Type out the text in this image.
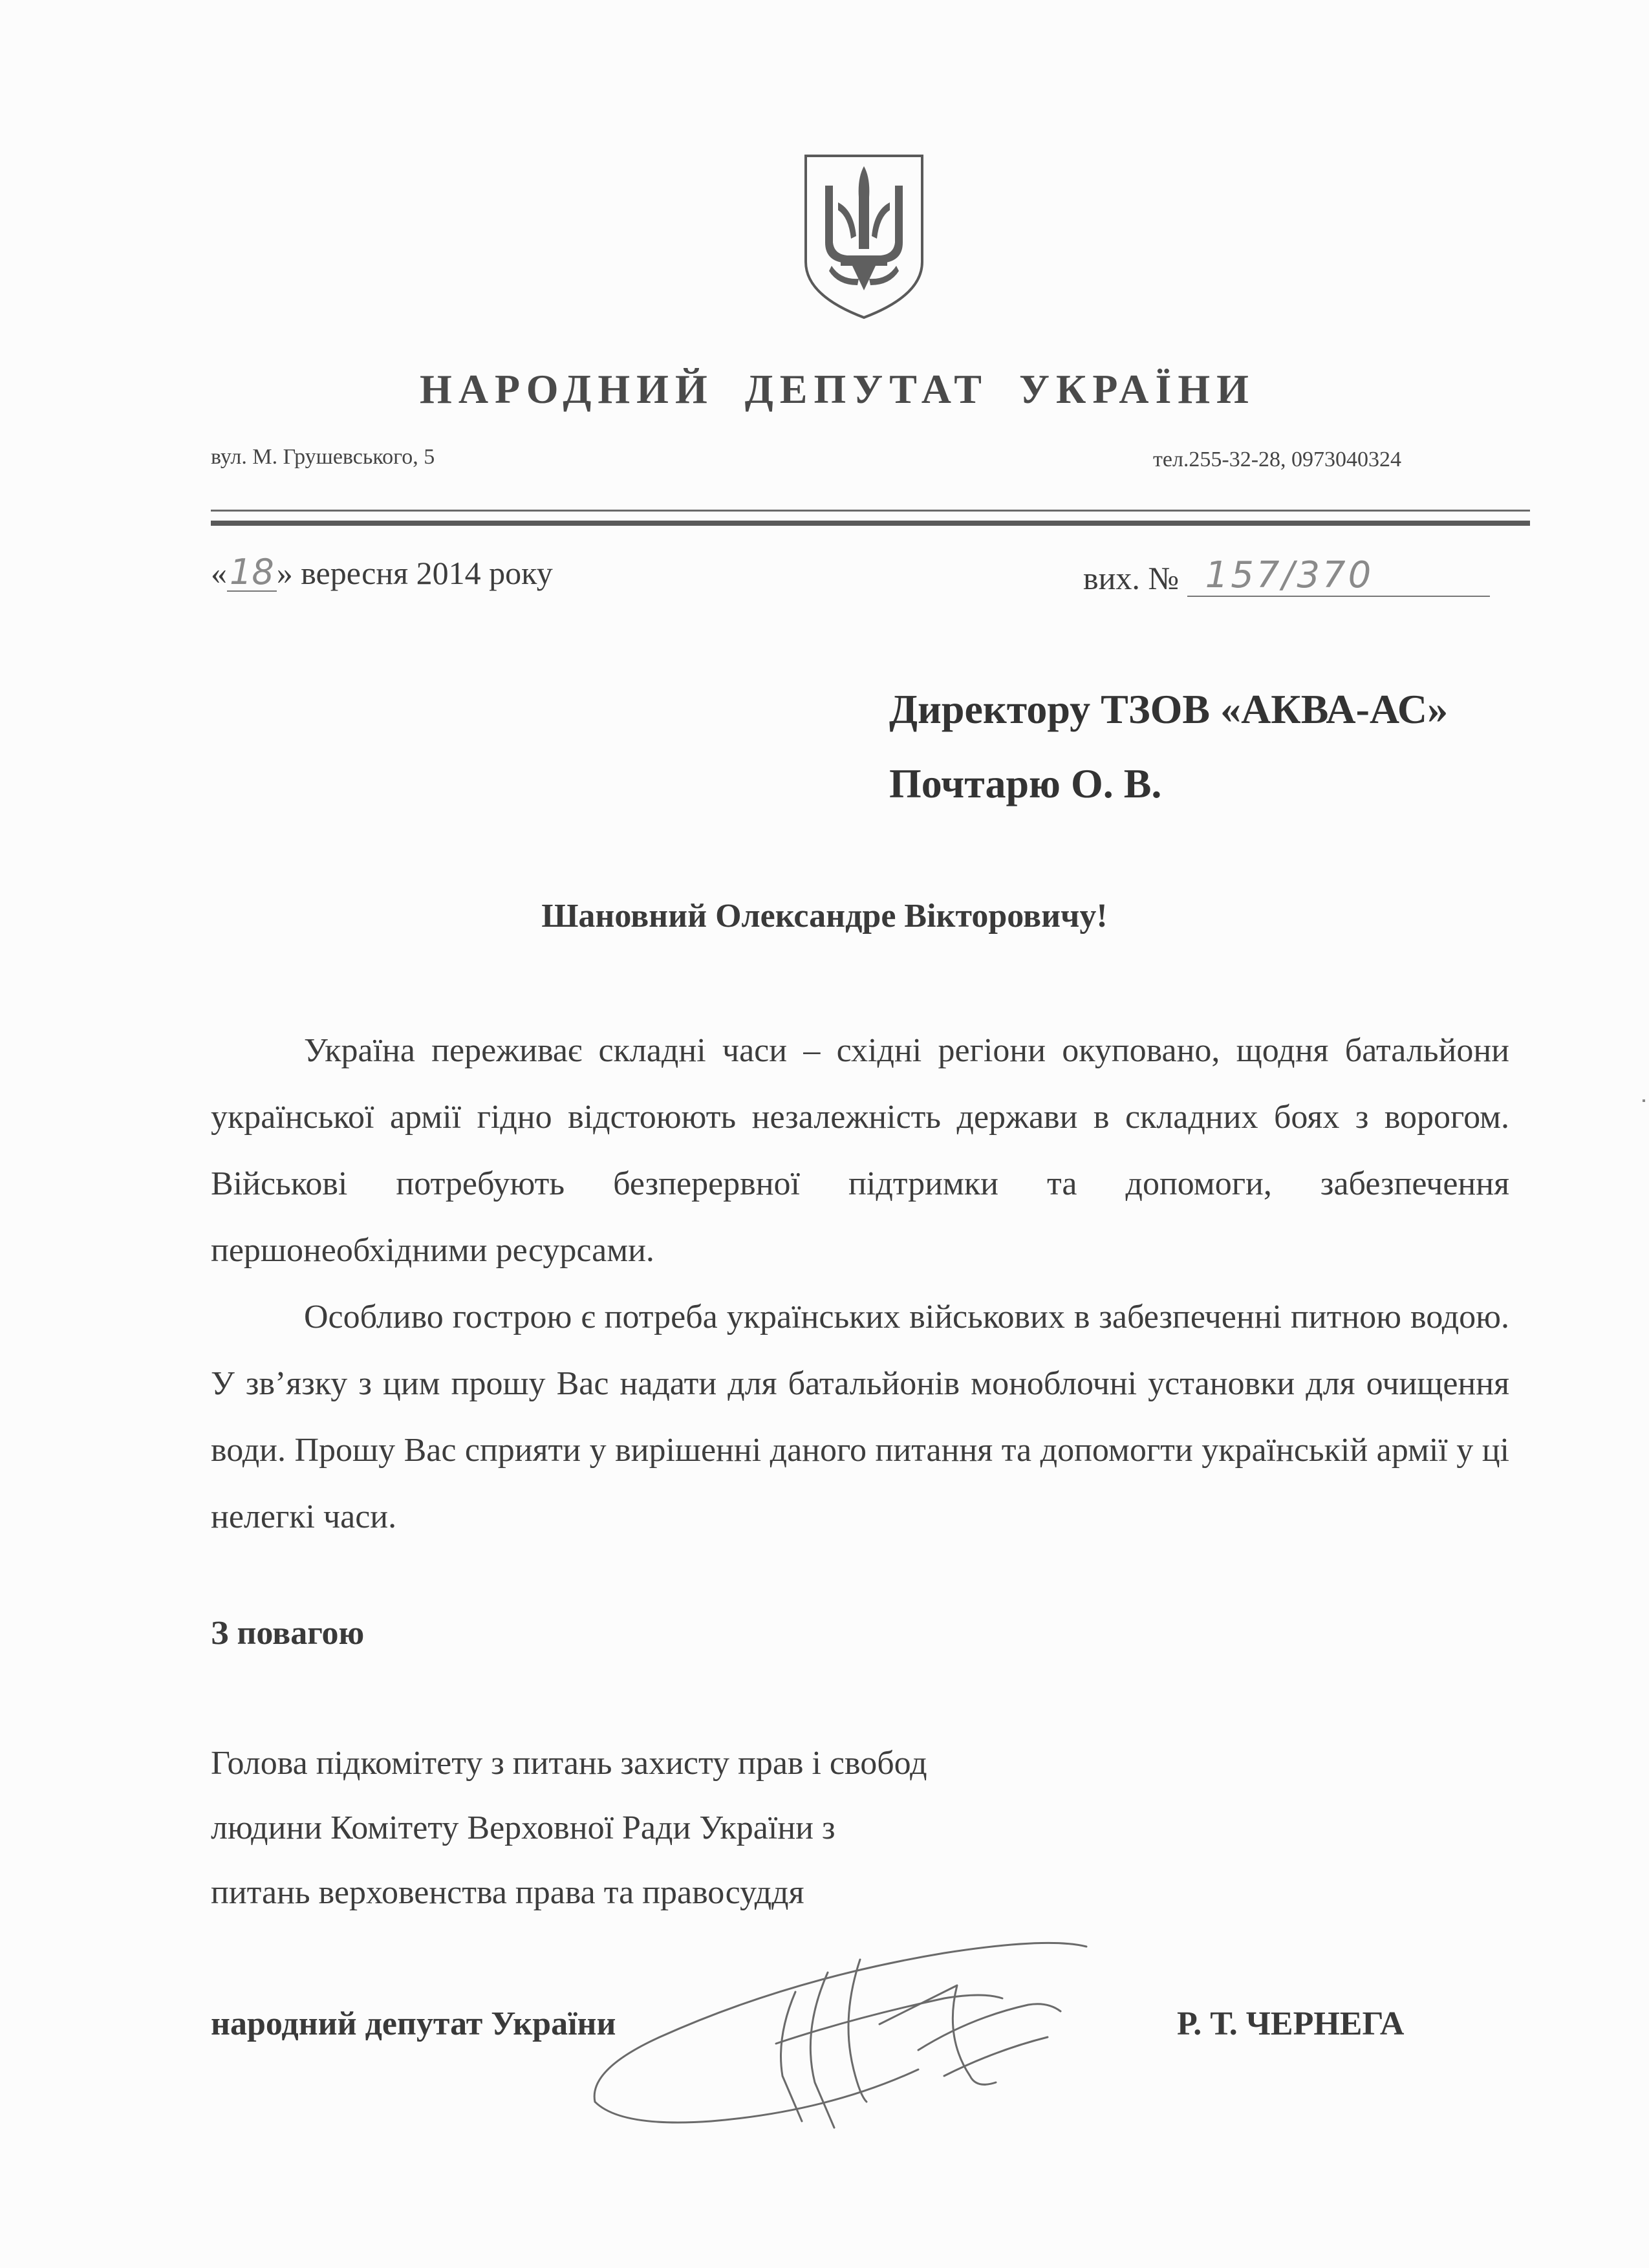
НАРОДНИЙ ДЕПУТАТ УКРАЇНИ
вул. М. Грушевського, 5	тел.255-32-28, 0973040324
«18» вересня 2014 року	вих. № 157/370
Директору ТЗОВ «АКВА-АС»
Почтарю О. В.
Шановний Олександре Вікторовичу!

Україна переживає складні часи – східні регіони окуповано, щодня батальйони української армії гідно відстоюють незалежність держави в складних боях з ворогом. Військові потребують безперервної підтримки та допомоги, забезпечення першонеобхідними ресурсами.

Особливо гострою є потреба українських військових в забезпеченні питною водою. У зв’язку з цим прошу Вас надати для батальйонів моноблочні установки для очищення води. Прошу Вас сприяти у вирішенні даного питання та допомогти українській армії у ці нелегкі часи.

З повагою
Голова підкомітету з питань захисту прав і свобод
людини Комітету Верховної Ради України з
питань верховенства права та правосуддя
народний депутат України	Р. Т. ЧЕРНЕГА
